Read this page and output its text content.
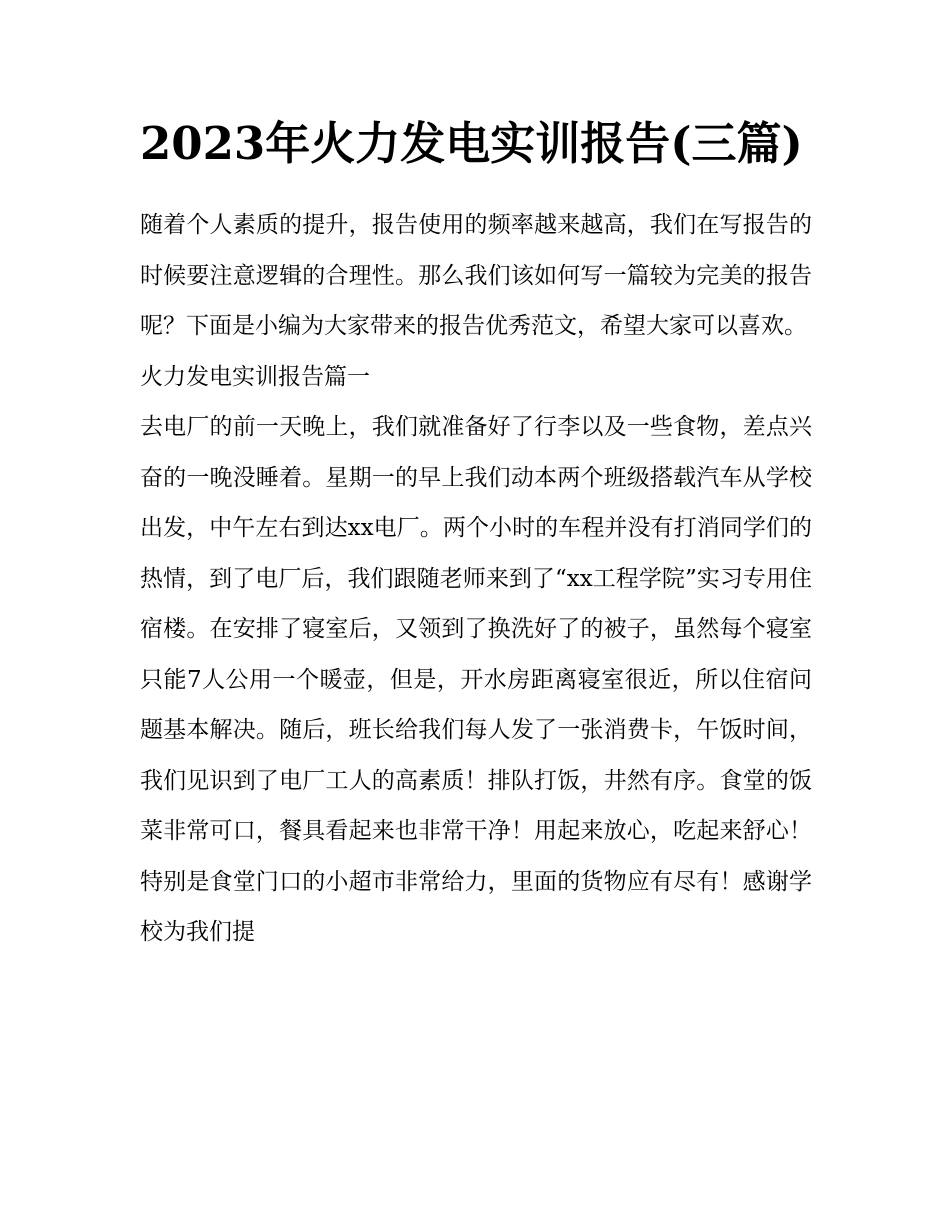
2023年火力发电实训报告(三篇)

随着个人素质的提升，报告使用的频率越来越高，我们在写报告的时候要注意逻辑的合理性。那么我们该如何写一篇较为完美的报告呢？下面是小编为大家带来的报告优秀范文，希望大家可以喜欢。

火力发电实训报告篇一

去电厂的前一天晚上，我们就准备好了行李以及一些食物，差点兴奋的一晚没睡着。星期一的早上我们动本两个班级搭载汽车从学校出发，中午左右到达xx电厂。两个小时的车程并没有打消同学们的热情，到了电厂后，我们跟随老师来到了“xx工程学院”实习专用住宿楼。在安排了寝室后，又领到了换洗好了的被子，虽然每个寝室只能7人公用一个暖壶，但是，开水房距离寝室很近，所以住宿问题基本解决。随后，班长给我们每人发了一张消费卡，午饭时间，我们见识到了电厂工人的高素质！排队打饭，井然有序。食堂的饭菜非常可口，餐具看起来也非常干净！用起来放心，吃起来舒心！特别是食堂门口的小超市非常给力，里面的货物应有尽有！感谢学校为我们提
